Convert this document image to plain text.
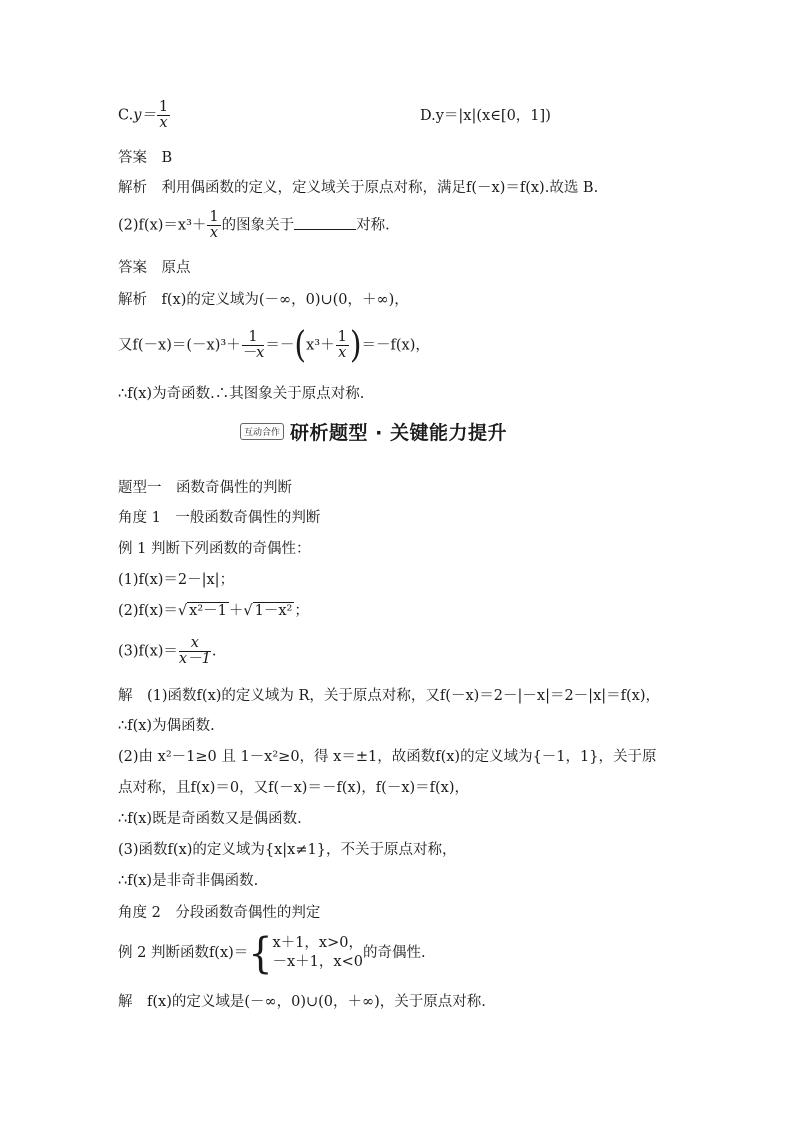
$C.y= \frac{1}{x}$	D.y＝|x|(x∈[0，1])
答案　 B
解析　 利用偶函数的定义，定义域关于原点对称，满足f(－x)＝f(x).故选 B.
$(2)f(x)=x^3+ \frac{1}{x}$ 的图象关于	对称.
答案　 原点
解析　 f(x)的定义域为(－∞，0)∪(0，＋∞)，
又$f(-x)=(-x)^3+ \frac{1}{-x} =-(x^3+ \frac{1}{x} )=-f(x)$，
∴f(x)为奇函数.∴其图象关于原点对称.
互动合作 研析题型 · 关键能力提升
题型一　函数奇偶性的判断
角度 1　一般函数奇偶性的判断
例 1 判断下列函数的奇偶性：
(1)f(x)＝2－|x|；
(2)f(x)＝√ x²－1 ＋√ 1－x² ；
$(3)f(x)= \frac{x}{x-1}$ .
解　 (1)函数f(x)的定义域为 R，关于原点对称，又f(－x)＝2－|－x|＝2－|x|＝f(x)，
∴f(x)为偶函数.
(2)由 x²－1≥0 且 1－x²≥0，得 x＝±1，故函数f(x)的定义域为{－1，1}，关于原
点对称，且f(x)＝0，又f(－x)＝－f(x)，f(－x)＝f(x)，
∴f(x)既是奇函数又是偶函数.
(3)函数f(x)的定义域为{x|x≠1}，不关于原点对称，
∴f(x)是非奇非偶函数.
角度 2　分段函数奇偶性的判定
例 2 判断函数f(x)＝{ x＋1，x>0，
－x＋1，x<0
的奇偶性.
解　 f(x)的定义域是(－∞，0)∪(0，＋∞)，关于原点对称.
